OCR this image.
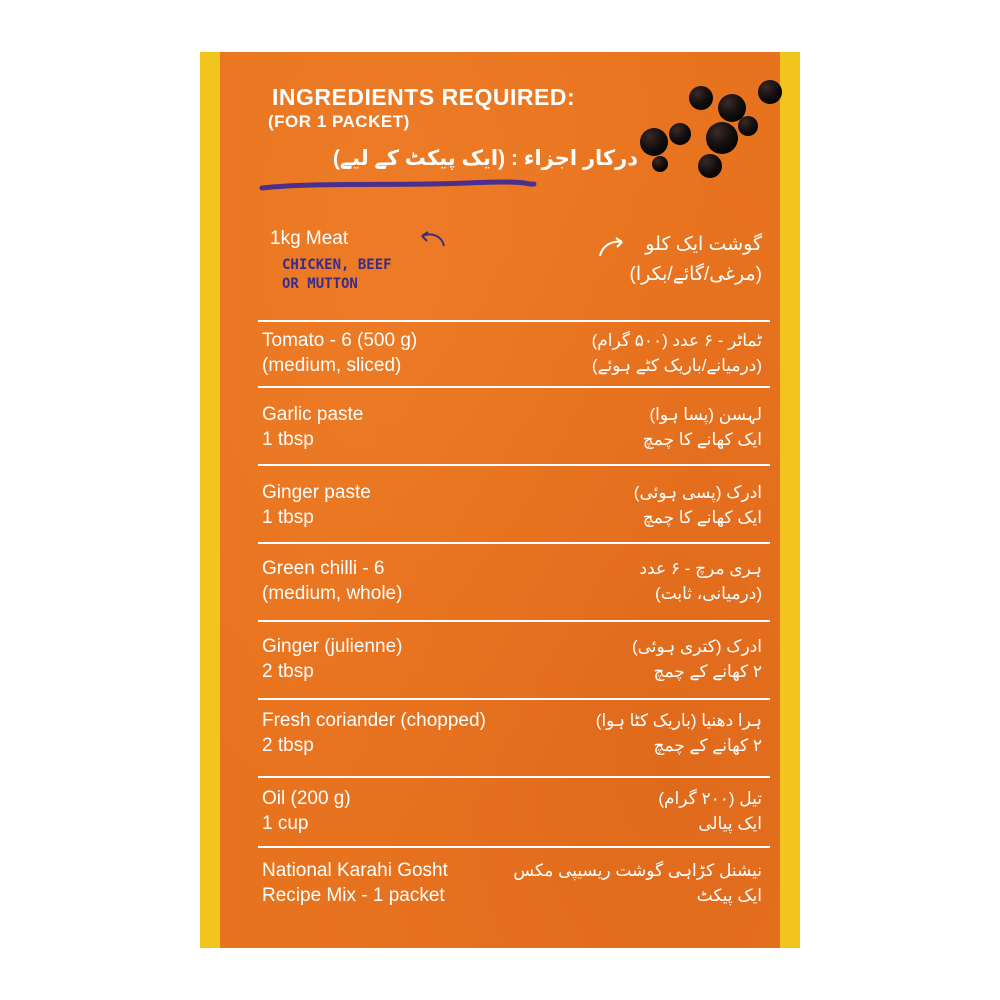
INGREDIENTS REQUIRED:
(FOR 1 PACKET)
درکار اجزاء : (ایک پیکٹ کے لیے)
1kg Meat
CHICKEN, BEEF
OR MUTTON
گوشت ایک کلو
(مرغی/گائے/بکرا)
Tomato - 6 (500 g)
(medium, sliced)
ٹماٹر - ۶ عدد (۵۰۰ گرام)
(درمیانے/باریک کٹے ہوئے)
Garlic paste
1 tbsp
لہسن (پسا ہوا)
ایک کھانے کا چمچ
Ginger paste
1 tbsp
ادرک (پسی ہوئی)
ایک کھانے کا چمچ
Green chilli - 6
(medium, whole)
ہری مرچ - ۶ عدد
(درمیانی، ثابت)
Ginger (julienne)
2 tbsp
ادرک (کتری ہوئی)
۲ کھانے کے چمچ
Fresh coriander (chopped)
2 tbsp
ہرا دھنیا (باریک کٹا ہوا)
۲ کھانے کے چمچ
Oil (200 g)
1 cup
تیل (۲۰۰ گرام)
ایک پیالی
National Karahi Gosht
Recipe Mix - 1 packet
نیشنل کڑاہی گوشت ریسیپی مکس
ایک پیکٹ
